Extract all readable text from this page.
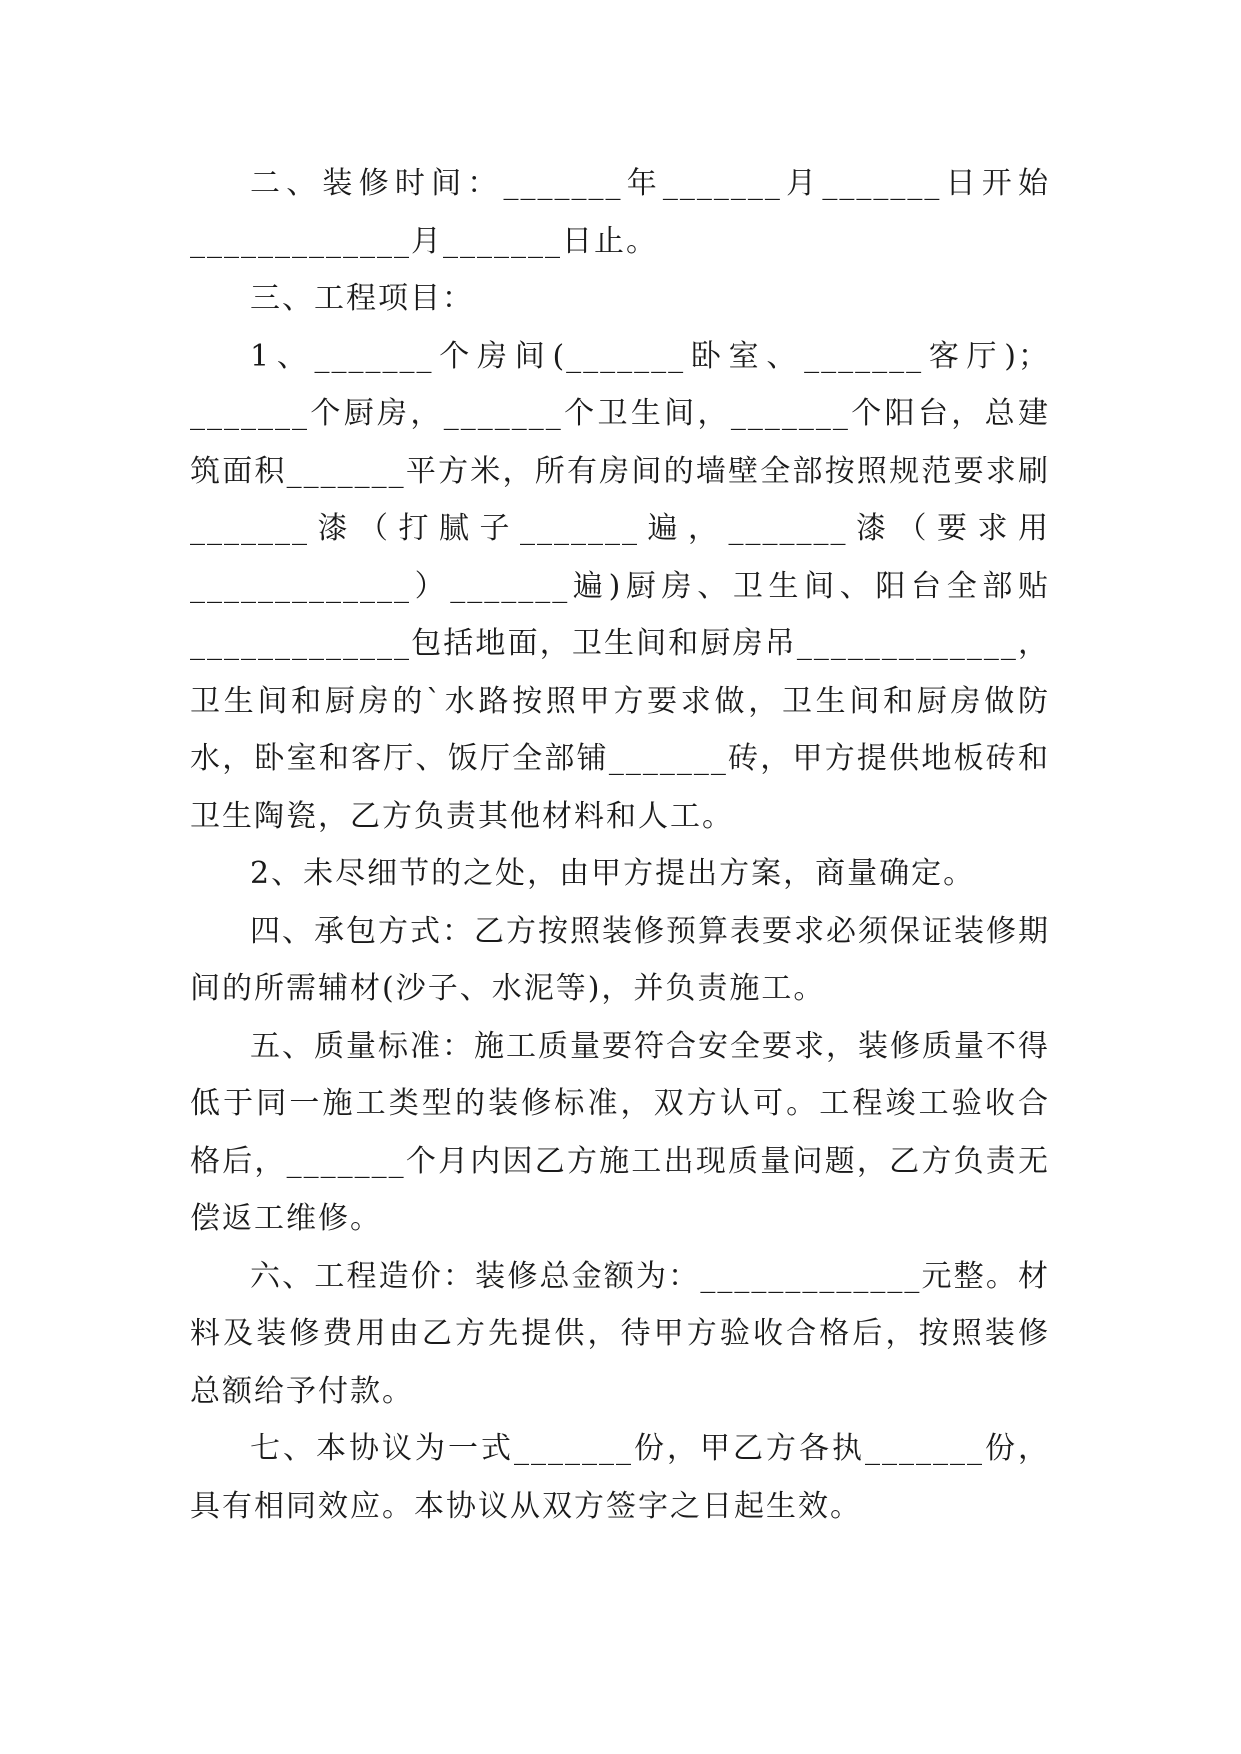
二、装修时间：_______年_______月_______日开始_____________月_______日止。

三、工程项目：

1、_______个房间(_______卧室、_______客厅)；_______个厨房，_______个卫生间，_______个阳台，总建筑面积_______平方米，所有房间的墙壁全部按照规范要求刷_______漆（打腻子_______遍，_______漆（要求用_____________）_______遍)厨房、卫生间、阳台全部贴_____________包括地面，卫生间和厨房吊_____________，卫生间和厨房的`水路按照甲方要求做，卫生间和厨房做防水，卧室和客厅、饭厅全部铺_______砖，甲方提供地板砖和卫生陶瓷，乙方负责其他材料和人工。

2、未尽细节的之处，由甲方提出方案，商量确定。

四、承包方式：乙方按照装修预算表要求必须保证装修期间的所需辅材(沙子、水泥等)，并负责施工。

五、质量标准：施工质量要符合安全要求，装修质量不得低于同一施工类型的装修标准，双方认可。工程竣工验收合格后，_______个月内因乙方施工出现质量问题，乙方负责无偿返工维修。

六、工程造价：装修总金额为：_____________元整。材料及装修费用由乙方先提供，待甲方验收合格后，按照装修总额给予付款。

七、本协议为一式_______份，甲乙方各执_______份，具有相同效应。本协议从双方签字之日起生效。
